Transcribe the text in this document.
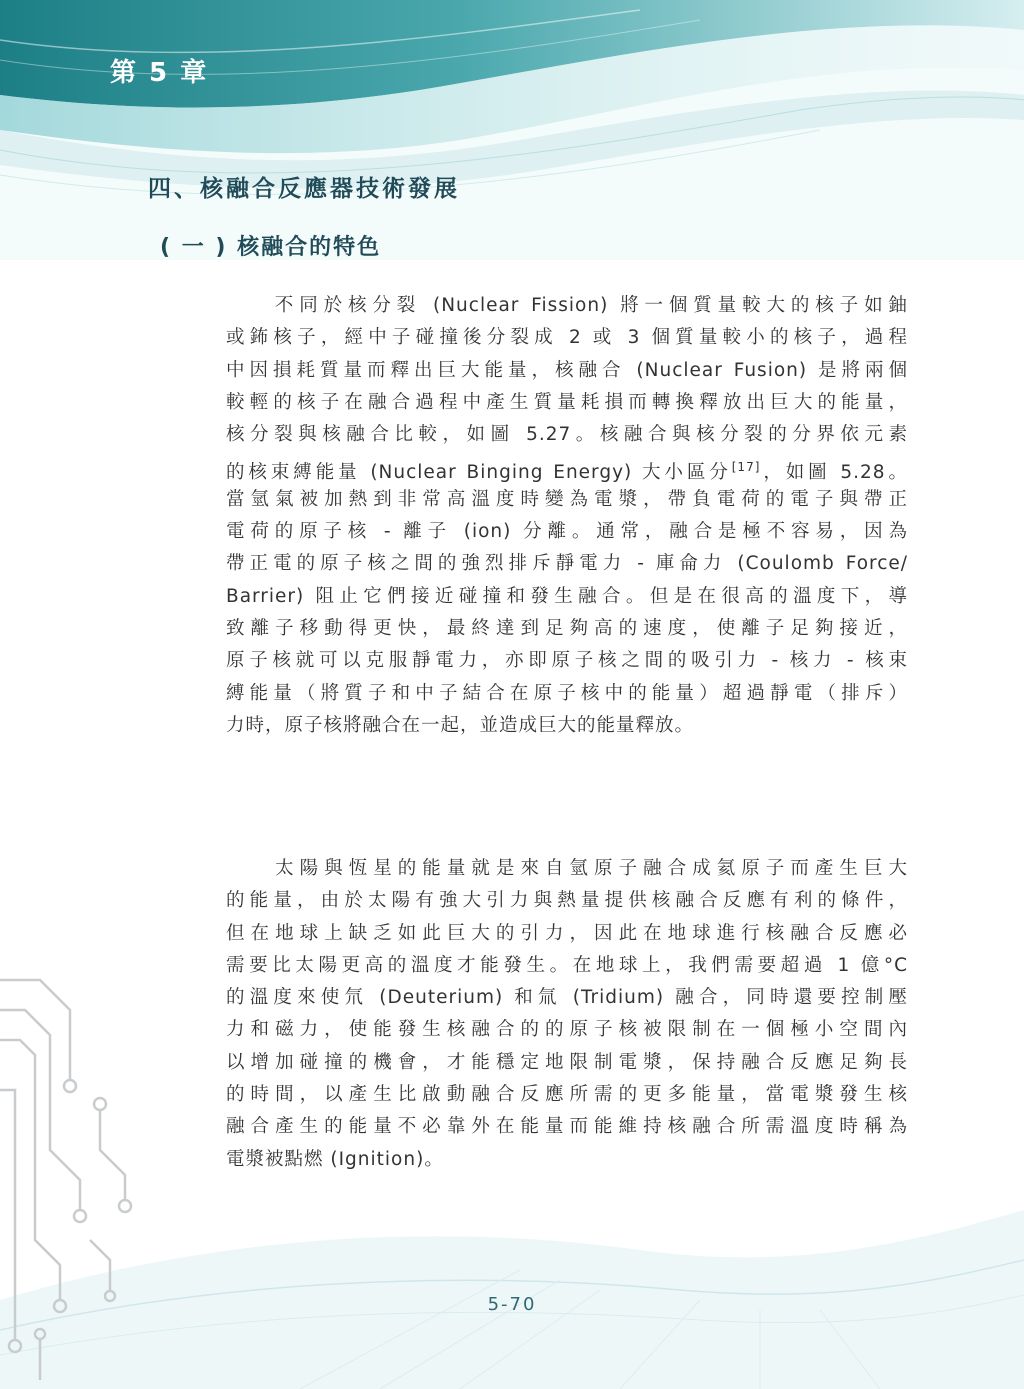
第 5 章
四、核融合反應器技術發展
( 一 ) 核融合的特色
　　不同於核分裂 (Nuclear Fission) 將一個質量較大的核子如鈾
或鈽核子，經中子碰撞後分裂成 2 或 3 個質量較小的核子，過程
中因損耗質量而釋出巨大能量，核融合 (Nuclear Fusion) 是將兩個
較輕的核子在融合過程中產生質量耗損而轉換釋放出巨大的能量，
核分裂與核融合比較，如圖 5.27。核融合與核分裂的分界依元素
的核束縛能量 (Nuclear Binging Energy) 大小區分[17]，如圖 5.28。
當氫氣被加熱到非常高溫度時變為電漿，帶負電荷的電子與帶正
電荷的原子核 - 離子 (ion) 分離。通常，融合是極不容易，因為
帶正電的原子核之間的強烈排斥靜電力 - 庫侖力 (Coulomb Force/
Barrier) 阻止它們接近碰撞和發生融合。但是在很高的溫度下，導
致離子移動得更快，最終達到足夠高的速度，使離子足夠接近，
原子核就可以克服靜電力，亦即原子核之間的吸引力 - 核力 - 核束
縛能量（將質子和中子結合在原子核中的能量）超過靜電（排斥）
力時，原子核將融合在一起，並造成巨大的能量釋放。
　　太陽與恆星的能量就是來自氫原子融合成氦原子而產生巨大
的能量，由於太陽有強大引力與熱量提供核融合反應有利的條件，
但在地球上缺乏如此巨大的引力，因此在地球進行核融合反應必
需要比太陽更高的溫度才能發生。在地球上，我們需要超過 1 億°C
的溫度來使氘 (Deuterium) 和氚 (Tridium) 融合，同時還要控制壓
力和磁力，使能發生核融合的的原子核被限制在一個極小空間內
以增加碰撞的機會，才能穩定地限制電漿，保持融合反應足夠長
的時間，以產生比啟動融合反應所需的更多能量，當電漿發生核
融合產生的能量不必靠外在能量而能維持核融合所需溫度時稱為
電漿被點燃 (Ignition)。
5-70
